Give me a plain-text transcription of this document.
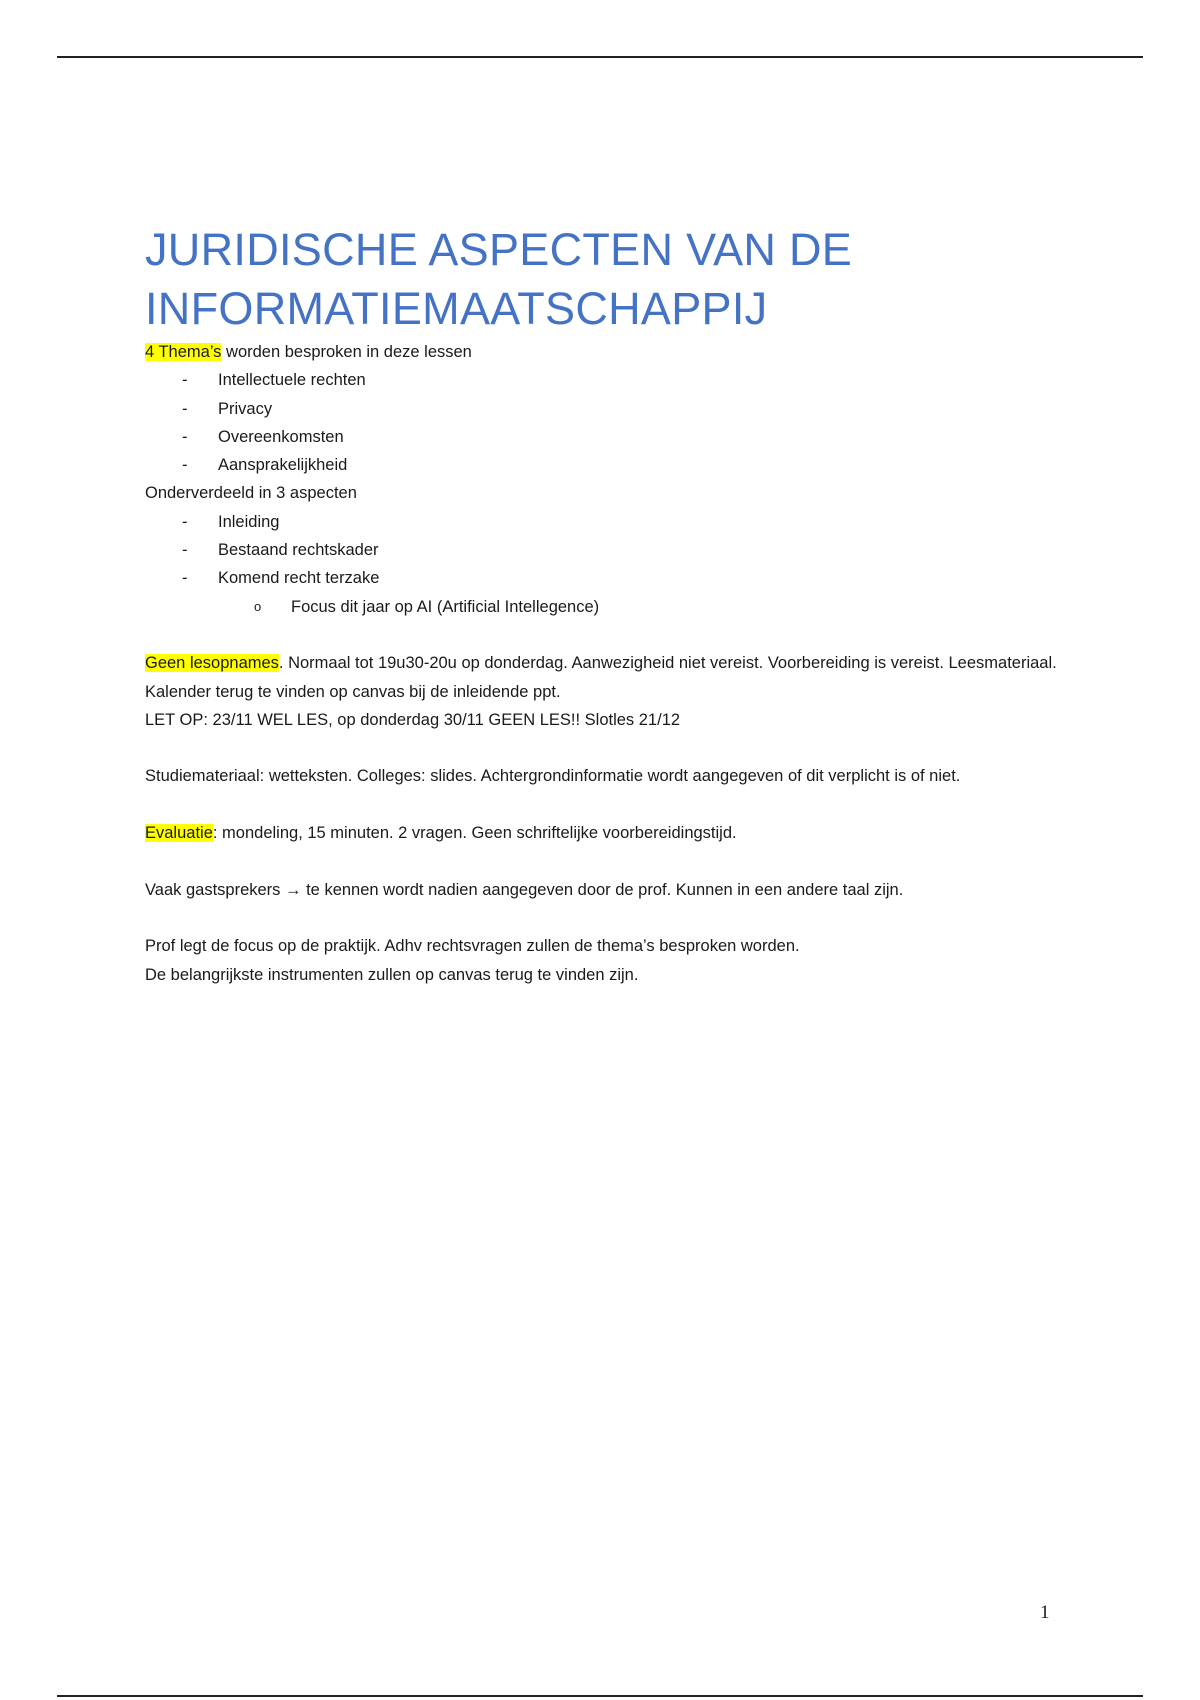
JURIDISCHE ASPECTEN VAN DE
INFORMATIEMAATSCHAPPIJ

4 Thema’s worden besproken in deze lessen

- Intellectuele rechten
- Privacy
- Overeenkomsten
- Aansprakelijkheid

Onderverdeeld in 3 aspecten

- Inleiding
- Bestaand rechtskader
- Komend recht terzake
o Focus dit jaar op AI (Artificial Intellegence)

Geen lesopnames. Normaal tot 19u30-20u op donderdag. Aanwezigheid niet vereist. Voorbereiding is vereist. Leesmateriaal. Kalender terug te vinden op canvas bij de inleidende ppt.

LET OP: 23/11 WEL LES, op donderdag 30/11 GEEN LES!! Slotles 21/12

Studiemateriaal: wetteksten. Colleges: slides. Achtergrondinformatie wordt aangegeven of dit verplicht is of niet.

Evaluatie: mondeling, 15 minuten. 2 vragen. Geen schriftelijke voorbereidingstijd.

Vaak gastsprekers → te kennen wordt nadien aangegeven door de prof. Kunnen in een andere taal zijn.

Prof legt de focus op de praktijk. Adhv rechtsvragen zullen de thema’s besproken worden.

De belangrijkste instrumenten zullen op canvas terug te vinden zijn.

1
